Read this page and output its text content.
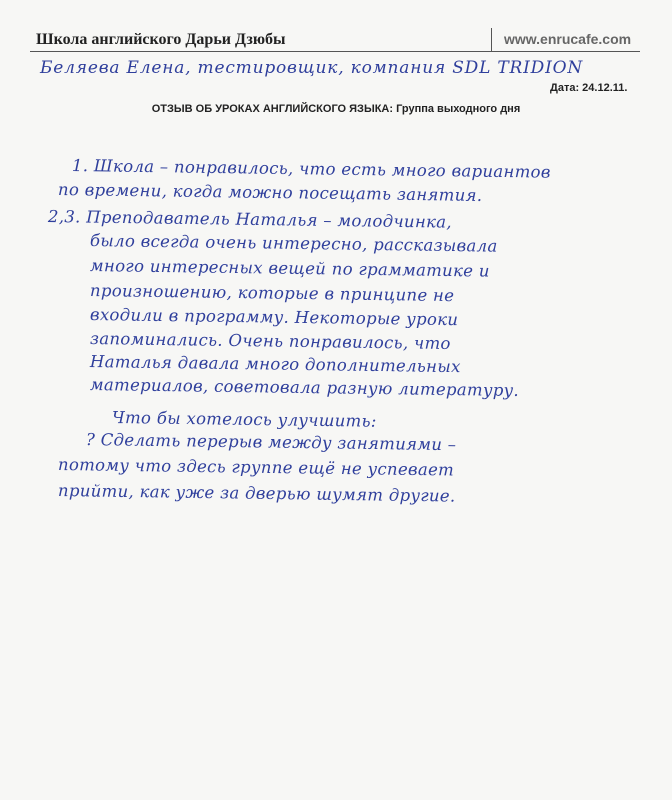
Школа английского Дарьи Дзюбы	www.enrucafe.com
Беляева Елена, тестировщик, компания SDL TRIDION
Дата: 24.12.11.
ОТЗЫВ ОБ УРОКАХ АНГЛИЙСКОГО ЯЗЫКА: Группа выходного дня
1. Школа – понравилось, что есть много вариантов
по времени, когда можно посещать занятия.
2,3. Преподаватель Наталья – молодчинка,
было всегда очень интересно, рассказывала
много интересных вещей по грамматике и
произношению, которые в принципе не
входили в программу. Некоторые уроки
запоминались. Очень понравилось, что
Наталья давала много дополнительных
материалов, советовала разную литературу.
Что бы хотелось улучшить:
? Сделать перерыв между занятиями –
потому что здесь группе ещё не успевает
прийти, как уже за дверью шумят другие.
